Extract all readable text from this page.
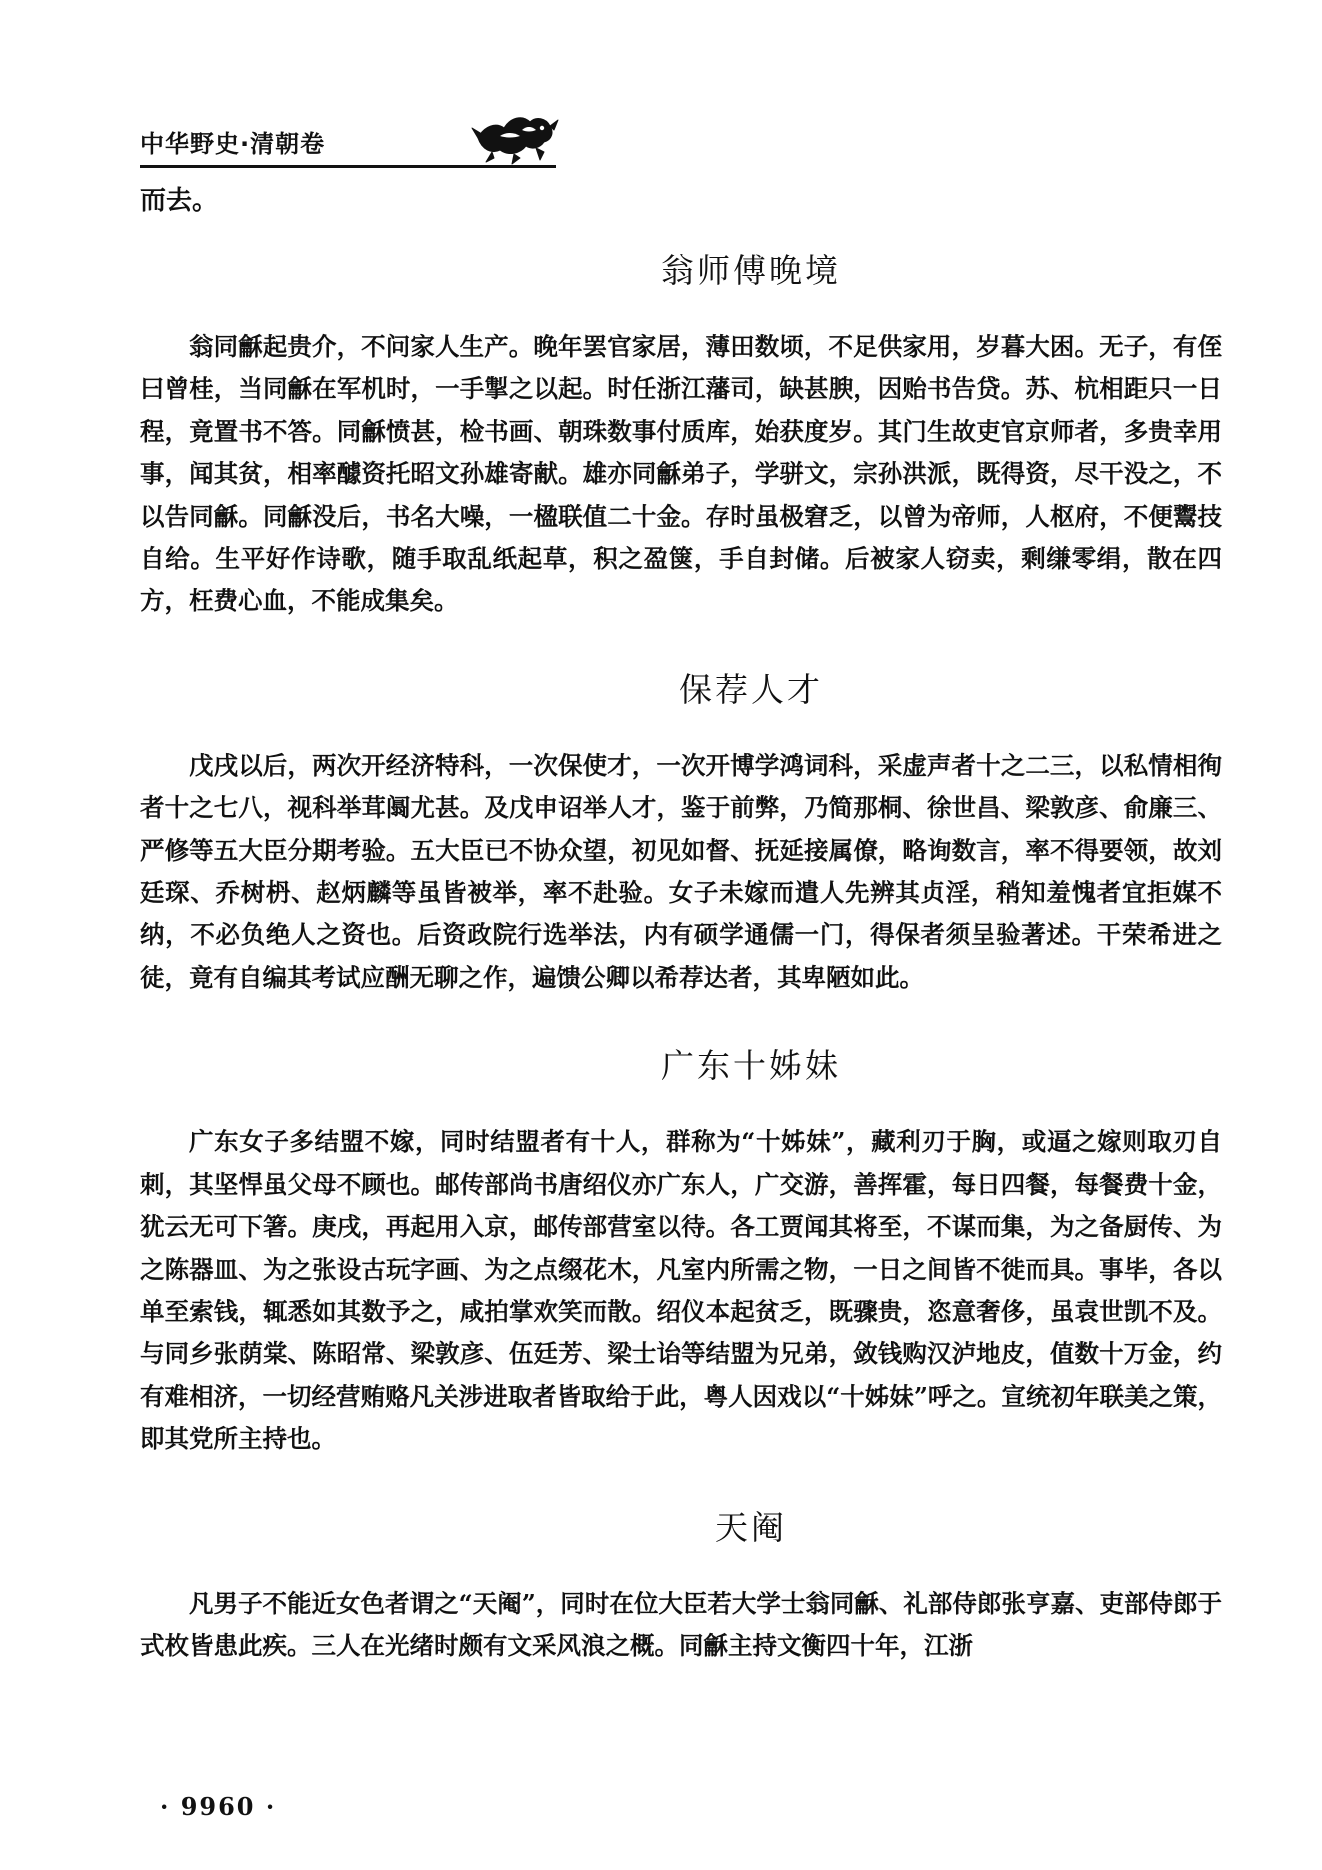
中华野史·清朝卷

而去。

翁师傅晚境

翁同龢起贵介，不问家人生产。晚年罢官家居，薄田数顷，不足供家用，岁暮大困。无子，有侄曰曾桂，当同龢在军机时，一手掣之以起。时任浙江藩司，缺甚腴，因贻书告贷。苏、杭相距只一日程，竟置书不答。同龢愤甚，检书画、朝珠数事付质库，始获度岁。其门生故吏官京师者，多贵幸用事，闻其贫，相率醵资托昭文孙雄寄献。雄亦同龢弟子，学骈文，宗孙洪派，既得资，尽干没之，不以告同龢。同龢没后，书名大噪，一楹联值二十金。存时虽极窘乏，以曾为帝师，人枢府，不便鬻技自给。生平好作诗歌，随手取乱纸起草，积之盈箧，手自封储。后被家人窃卖，剩缣零绢，散在四方，枉费心血，不能成集矣。

保荐人才

戊戌以后，两次开经济特科，一次保使才，一次开博学鸿词科，采虚声者十之二三，以私情相徇者十之七八，视科举茸阘尤甚。及戊申诏举人才，鉴于前弊，乃简那桐、徐世昌、梁敦彦、俞廉三、严修等五大臣分期考验。五大臣已不协众望，初见如督、抚延接属僚，略询数言，率不得要领，故刘廷琛、乔树枬、赵炳麟等虽皆被举，率不赴验。女子未嫁而遣人先辨其贞淫，稍知羞愧者宜拒媒不纳，不必负绝人之资也。后资政院行选举法，内有硕学通儒一门，得保者须呈验著述。干荣希进之徒，竟有自编其考试应酬无聊之作，遍馈公卿以希荐达者，其卑陋如此。

广东十姊妹

广东女子多结盟不嫁，同时结盟者有十人，群称为“十姊妹”，藏利刃于胸，或逼之嫁则取刃自刺，其坚悍虽父母不顾也。邮传部尚书唐绍仪亦广东人，广交游，善挥霍，每日四餐，每餐费十金，犹云无可下箸。庚戌，再起用入京，邮传部营室以待。各工贾闻其将至，不谋而集，为之备厨传、为之陈器皿、为之张设古玩字画、为之点缀花木，凡室内所需之物，一日之间皆不徙而具。事毕，各以单至索钱，辄悉如其数予之，咸拍掌欢笑而散。绍仪本起贫乏，既骤贵，恣意奢侈，虽袁世凯不及。与同乡张荫棠、陈昭常、梁敦彦、伍廷芳、梁士诒等结盟为兄弟，敛钱购汉泸地皮，值数十万金，约有难相济，一切经营贿赂凡关涉进取者皆取给于此，粤人因戏以“十姊妹”呼之。宣统初年联美之策，即其党所主持也。

天阉

凡男子不能近女色者谓之“天阉”，同时在位大臣若大学士翁同龢、礼部侍郎张亨嘉、吏部侍郎于式枚皆患此疾。三人在光绪时颇有文采风浪之概。同龢主持文衡四十年，江浙

· 9960 ·
